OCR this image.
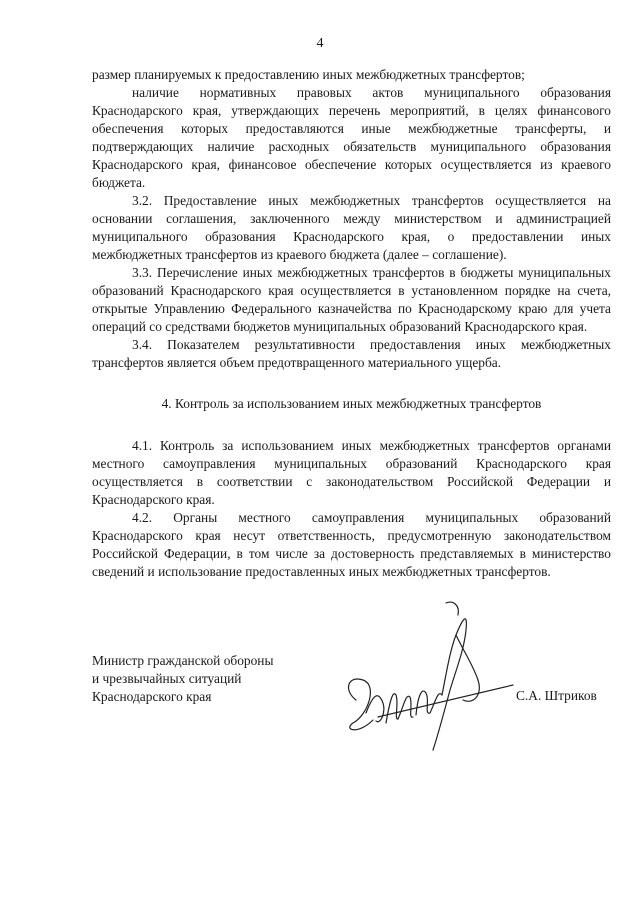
4

размер планируемых к предоставлению иных межбюджетных трансфертов;

наличие нормативных правовых актов муниципального образования Краснодарского края, утверждающих перечень мероприятий, в целях финансового обеспечения которых предоставляются иные межбюджетные трансферты, и подтверждающих наличие расходных обязательств муниципального образования Краснодарского края, финансовое обеспечение которых осуществляется из краевого бюджета.

3.2. Предоставление иных межбюджетных трансфертов осуществляется на основании соглашения, заключенного между министерством и администрацией муниципального образования Краснодарского края, о предоставлении иных межбюджетных трансфертов из краевого бюджета (далее – соглашение).

3.3. Перечисление иных межбюджетных трансфертов в бюджеты муниципальных образований Краснодарского края осуществляется в установленном порядке на счета, открытые Управлению Федерального казначейства по Краснодарскому краю для учета операций со средствами бюджетов муниципальных образований Краснодарского края.

3.4. Показателем результативности предоставления иных межбюджетных трансфертов является объем предотвращенного материального ущерба.

4. Контроль за использованием иных межбюджетных трансфертов

4.1. Контроль за использованием иных межбюджетных трансфертов органами местного самоуправления муниципальных образований Краснодарского края осуществляется в соответствии с законодательством Российской Федерации и Краснодарского края.

4.2. Органы местного самоуправления муниципальных образований Краснодарского края несут ответственность, предусмотренную законодательством Российской Федерации, в том числе за достоверность представляемых в министерство сведений и использование предоставленных иных межбюджетных трансфертов.

Министр гражданской обороны
и чрезвычайных ситуаций
Краснодарского края	С.А. Штриков
